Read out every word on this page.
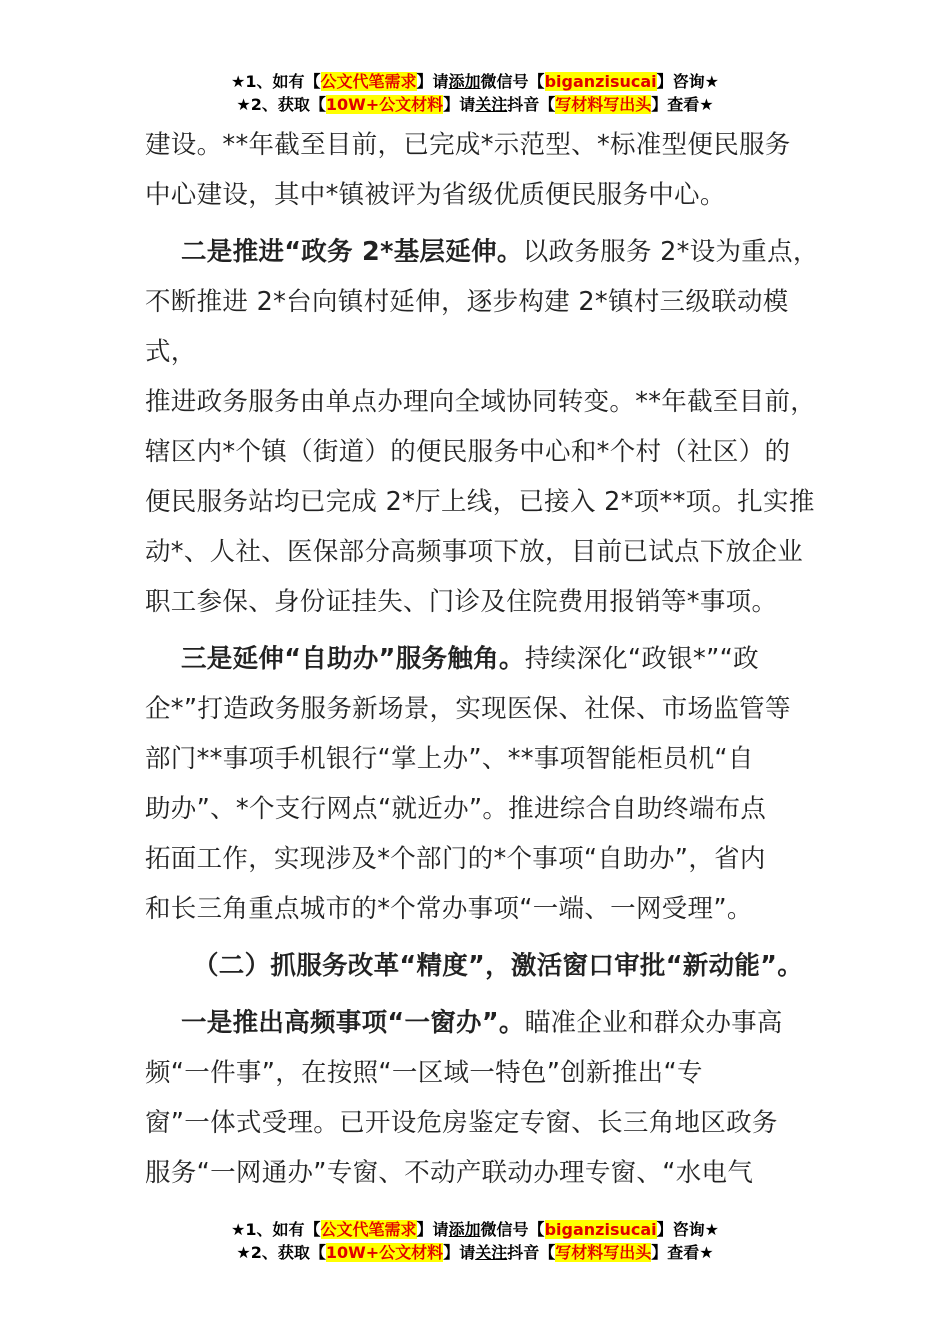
★1、如有【公文代笔需求】请添加微信号【biganzisucai】咨询★
★2、获取【10W+公文材料】请关注抖音【写材料写出头】查看★

建设。**年截至目前，已完成*示范型、*标准型便民服务

中心建设，其中*镇被评为省级优质便民服务中心。

二是推进“政务 2*基层延伸。以政务服务 2*设为重点，

不断推进 2*台向镇村延伸，逐步构建 2*镇村三级联动模式，

推进政务服务由单点办理向全域协同转变。**年截至目前，

辖区内*个镇（街道）的便民服务中心和*个村（社区）的

便民服务站均已完成 2*厅上线，已接入 2*项**项。扎实推

动*、人社、医保部分高频事项下放，目前已试点下放企业

职工参保、身份证挂失、门诊及住院费用报销等*事项。

三是延伸“自助办”服务触角。持续深化“政银*”“政

企*”打造政务服务新场景，实现医保、社保、市场监管等

部门**事项手机银行“掌上办”、**事项智能柜员机“自

助办”、*个支行网点“就近办”。推进综合自助终端布点

拓面工作，实现涉及*个部门的*个事项“自助办”，省内

和长三角重点城市的*个常办事项“一端、一网受理”。

（二）抓服务改革“精度”，激活窗口审批“新动能”。

一是推出高频事项“一窗办”。瞄准企业和群众办事高

频“一件事”，在按照“一区域一特色”创新推出“专

窗”一体式受理。已开设危房鉴定专窗、长三角地区政务

服务“一网通办”专窗、不动产联动办理专窗、“水电气

★1、如有【公文代笔需求】请添加微信号【biganzisucai】咨询★
★2、获取【10W+公文材料】请关注抖音【写材料写出头】查看★
